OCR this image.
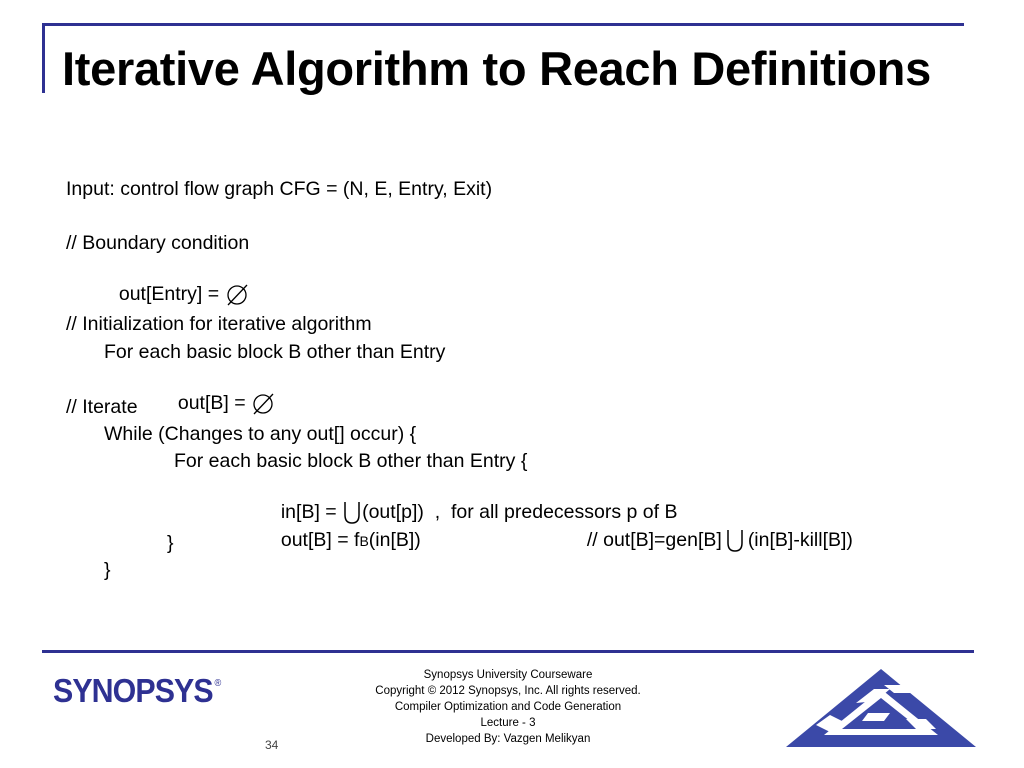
Iterative Algorithm to Reach Definitions
Input: control flow graph CFG = (N, E, Entry, Exit)
// Boundary condition

out[Entry] =

// Initialization for iterative algorithm
For each basic block B other than Entry

out[B] =

// Iterate
While (Changes to any out[] occur) {
For each basic block B other than Entry {

in[B] =
(out[p])  ,  for all predecessors p of B

out[B] = fB(in[B])	// out[B]=gen[B] (in[B]-kill[B])

}
}
SYNOPSYS ®
Synopsys University Courseware
Copyright © 2012 Synopsys, Inc. All rights reserved.
Compiler Optimization and Code Generation
Lecture - 3
Developed By: Vazgen Melikyan
34
